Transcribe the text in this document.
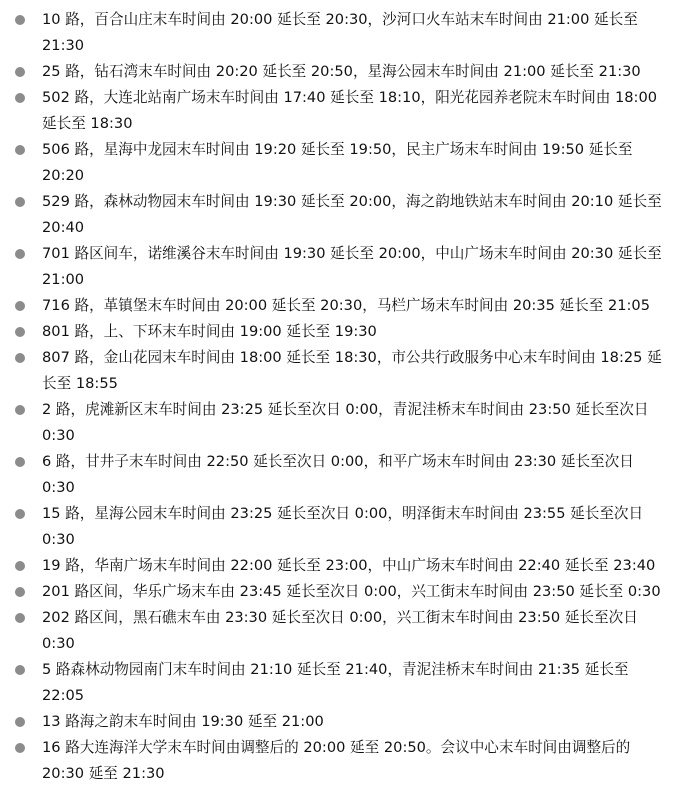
10 路，百合山庄末车时间由 20:00 延长至 20:30，沙河口火车站末车时间由 21:00 延长至 21:30
25 路，钻石湾末车时间由 20:20 延长至 20:50，星海公园末车时间由 21:00 延长至 21:30
502 路，大连北站南广场末车时间由 17:40 延长至 18:10，阳光花园养老院末车时间由 18:00 延长至 18:30
506 路，星海中龙园末车时间由 19:20 延长至 19:50，民主广场末车时间由 19:50 延长至 20:20
529 路，森林动物园末车时间由 19:30 延长至 20:00，海之韵地铁站末车时间由 20:10 延长至 20:40
701 路区间车，诺维溪谷末车时间由 19:30 延长至 20:00，中山广场末车时间由 20:30 延长至 21:00
716 路，革镇堡末车时间由 20:00 延长至 20:30，马栏广场末车时间由 20:35 延长至 21:05
801 路，上、下环末车时间由 19:00 延长至 19:30
807 路，金山花园末车时间由 18:00 延长至 18:30，市公共行政服务中心末车时间由 18:25 延长至 18:55
2 路，虎滩新区末车时间由 23:25 延长至次日 0:00，青泥洼桥末车时间由 23:50 延长至次日 0:30
6 路，甘井子末车时间由 22:50 延长至次日 0:00，和平广场末车时间由 23:30 延长至次日 0:30
15 路，星海公园末车时间由 23:25 延长至次日 0:00，明泽街末车时间由 23:55 延长至次日 0:30
19 路，华南广场末车时间由 22:00 延长至 23:00，中山广场末车时间由 22:40 延长至 23:40
201 路区间，华乐广场末车由 23:45 延长至次日 0:00，兴工街末车时间由 23:50 延长至 0:30
202 路区间，黑石礁末车由 23:30 延长至次日 0:00，兴工街末车时间由 23:50 延长至次日 0:30
5 路森林动物园南门末车时间由 21:10 延长至 21:40，青泥洼桥末车时间由 21:35 延长至 22:05
13 路海之韵末车时间由 19:30 延至 21:00
16 路大连海洋大学末车时间由调整后的 20:00 延至 20:50。会议中心末车时间由调整后的 20:30 延至 21:30
